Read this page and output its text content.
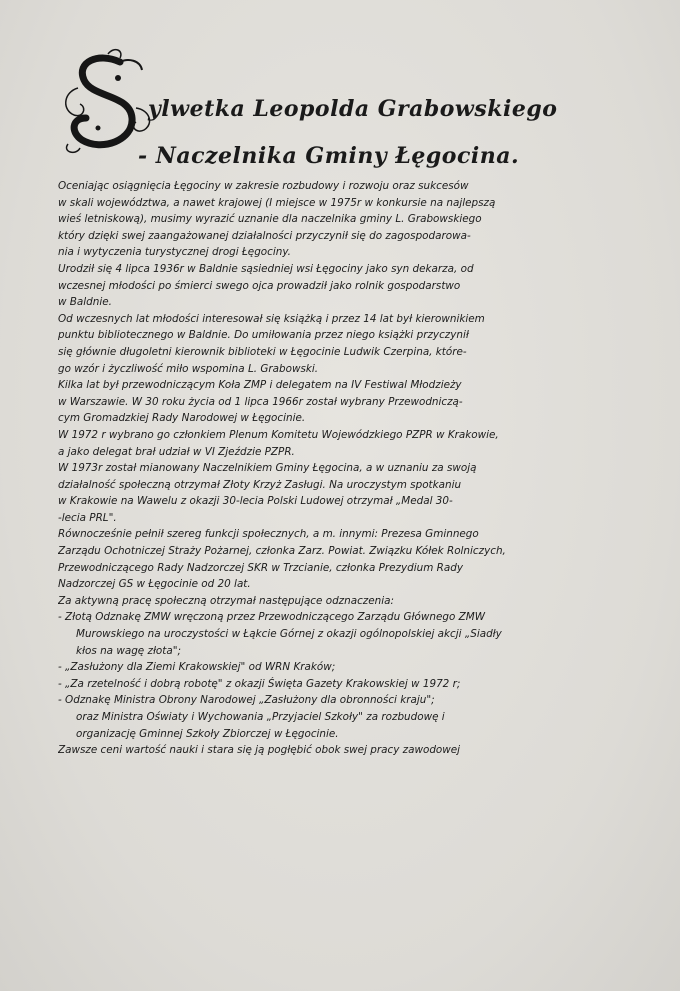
ylwetka Leopolda Grabowskiego
- Naczelnika Gminy Łęgocina.
Oceniając osiągnięcia Łęgociny w zakresie rozbudowy i rozwoju oraz sukcesów
w skali województwa, a nawet krajowej (I miejsce w 1975r w konkursie na najlepszą
wieś letniskową), musimy wyrazić uznanie dla naczelnika gminy L. Grabowskiego
który dzięki swej zaangażowanej działalności przyczynił się do zagospodarowa-
nia i wytyczenia turystycznej drogi Łęgociny.
Urodził się 4 lipca 1936r w Baldnie sąsiedniej wsi Łęgociny jako syn dekarza, od
wczesnej młodości po śmierci swego ojca prowadził jako rolnik gospodarstwo
w Baldnie.
Od wczesnych lat młodości interesował się książką i przez 14 lat był kierownikiem
punktu bibliotecznego w Baldnie. Do umiłowania przez niego książki przyczynił
się głównie długoletni kierownik biblioteki w Łęgocinie Ludwik Czerpina, które-
go wzór i życzliwość miło wspomina L. Grabowski.
Kilka lat był przewodniczącym Koła ZMP i delegatem na IV Festiwal Młodzieży
w Warszawie. W 30 roku życia od 1 lipca 1966r został wybrany Przewodniczą-
cym Gromadzkiej Rady Narodowej w Łęgocinie.
W 1972 r wybrano go członkiem Plenum Komitetu Wojewódzkiego PZPR w Krakowie,
a jako delegat brał udział w VI Zjeździe PZPR.
W 1973r został mianowany Naczelnikiem Gminy Łęgocina, a w uznaniu za swoją
działalność społeczną otrzymał Złoty Krzyż Zasługi. Na uroczystym spotkaniu
w Krakowie na Wawelu z okazji 30-lecia Polski Ludowej otrzymał „Medal 30-
-lecia PRL".
Równocześnie pełnił szereg funkcji społecznych, a m. innymi: Prezesa Gminnego
Zarządu Ochotniczej Straży Pożarnej, członka Zarz. Powiat. Związku Kółek Rolniczych,
Przewodniczącego Rady Nadzorczej SKR w Trzcianie, członka Prezydium Rady
Nadzorczej GS w Łęgocinie od 20 lat.
Za aktywną pracę społeczną otrzymał następujące odznaczenia:
- Złotą Odznakę ZMW wręczoną przez Przewodniczącego Zarządu Głównego ZMW
Murowskiego na uroczystości w Łąkcie Górnej z okazji ogólnopolskiej akcji „Siadły
kłos na wagę złota";
- „Zasłużony dla Ziemi Krakowskiej" od WRN Kraków;
- „Za rzetelność i dobrą robotę" z okazji Święta Gazety Krakowskiej w 1972 r;
- Odznakę Ministra Obrony Narodowej „Zasłużony dla obronności kraju";
oraz Ministra Oświaty i Wychowania „Przyjaciel Szkoły" za rozbudowę i
organizację Gminnej Szkoły Zbiorczej w Łęgocinie.
Zawsze ceni wartość nauki i stara się ją pogłębić obok swej pracy zawodowej
